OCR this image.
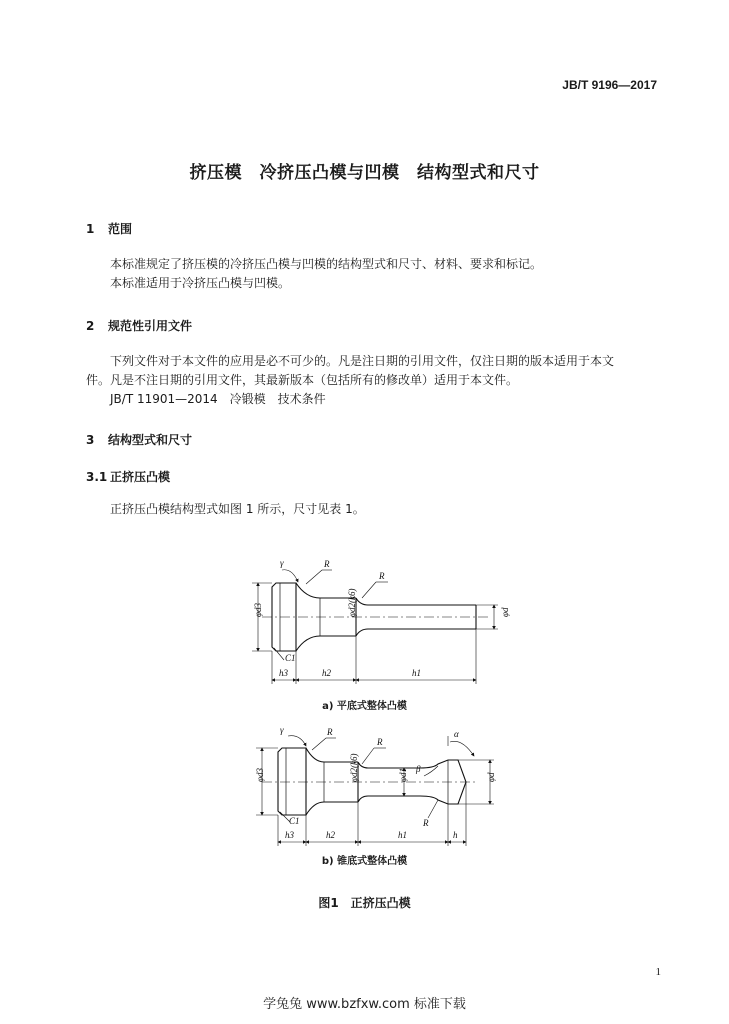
JB/T 9196—2017
挤压模　冷挤压凸模与凹模　结构型式和尺寸
1 范围
本标准规定了挤压模的冷挤压凸模与凹模的结构型式和尺寸、材料、要求和标记。
本标准适用于冷挤压凸模与凹模。
2 规范性引用文件
下列文件对于本文件的应用是必不可少的。凡是注日期的引用文件，仅注日期的版本适用于本文
件。凡是不注日期的引用文件，其最新版本（包括所有的修改单）适用于本文件。
JB/T 11901—2014　冷锻模　技术条件
3 结构型式和尺寸
3.1 正挤压凸模
正挤压凸模结构型式如图 1 所示，尺寸见表 1。
γ	R
R
C1
φd3	φd2(k6)	φd
h3	h2	h1
γ	R
R
R
C1
φd3	φd2(k6)	φd1	φd
α
β
h3	h2	h1	h
a) 平底式整体凸模
b) 锥底式整体凸模
图1　正挤压凸模
1
学兔兔 www.bzfxw.com 标准下载
